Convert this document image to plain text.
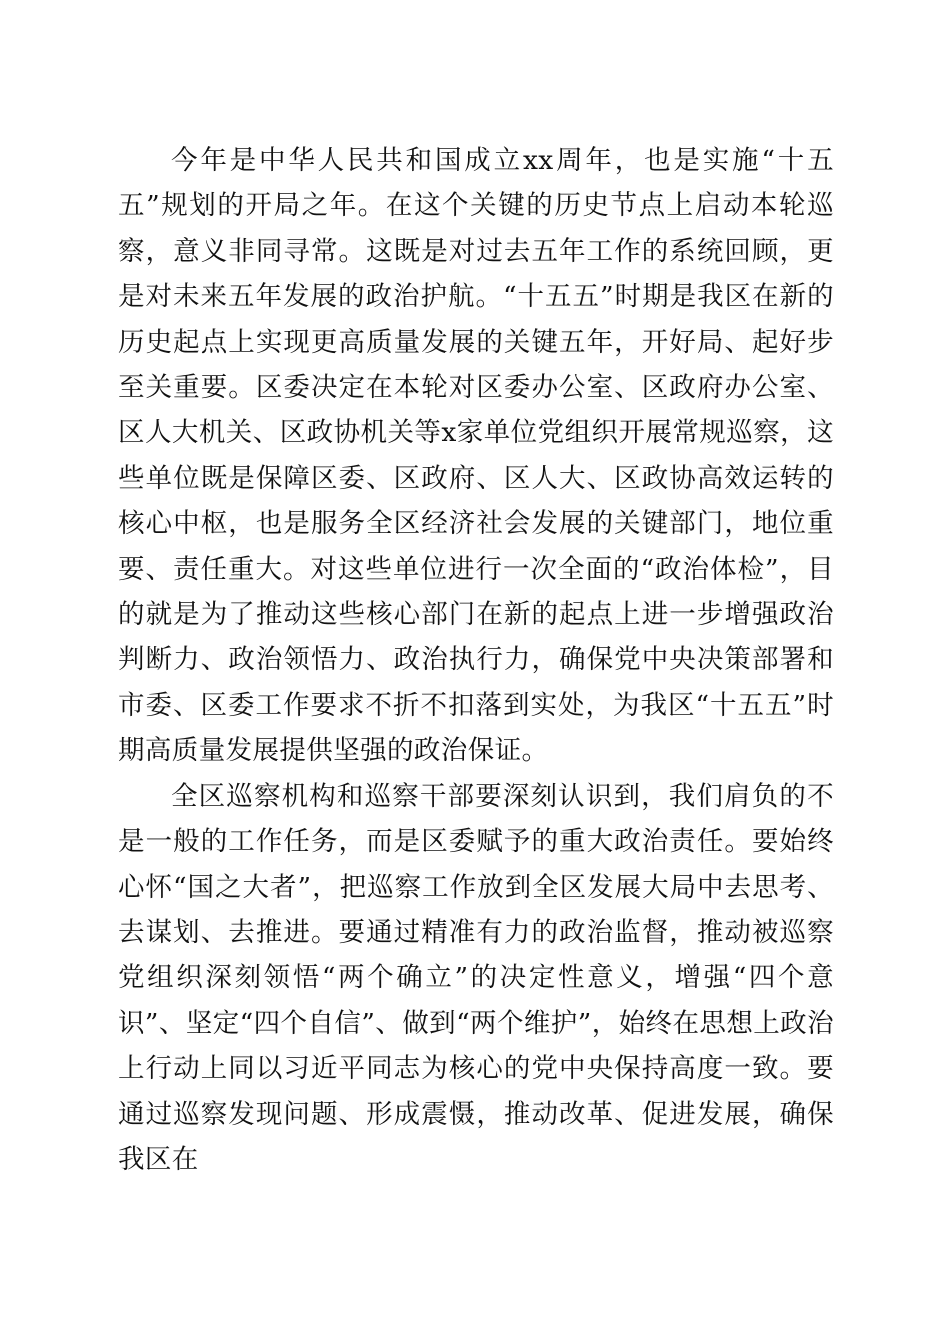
今年是中华人民共和国成立xx周年，也是实施“十五五”规划的开局之年。在这个关键的历史节点上启动本轮巡察，意义非同寻常。这既是对过去五年工作的系统回顾，更是对未来五年发展的政治护航。“十五五”时期是我区在新的历史起点上实现更高质量发展的关键五年，开好局、起好步至关重要。区委决定在本轮对区委办公室、区政府办公室、区人大机关、区政协机关等x家单位党组织开展常规巡察，这些单位既是保障区委、区政府、区人大、区政协高效运转的核心中枢，也是服务全区经济社会发展的关键部门，地位重要、责任重大。对这些单位进行一次全面的“政治体检”，目的就是为了推动这些核心部门在新的起点上进一步增强政治判断力、政治领悟力、政治执行力，确保党中央决策部署和市委、区委工作要求不折不扣落到实处，为我区“十五五”时期高质量发展提供坚强的政治保证。

全区巡察机构和巡察干部要深刻认识到，我们肩负的不是一般的工作任务，而是区委赋予的重大政治责任。要始终心怀“国之大者”，把巡察工作放到全区发展大局中去思考、去谋划、去推进。要通过精准有力的政治监督，推动被巡察党组织深刻领悟“两个确立”的决定性意义，增强“四个意识”、坚定“四个自信”、做到“两个维护”，始终在思想上政治上行动上同以习近平同志为核心的党中央保持高度一致。要通过巡察发现问题、形成震慑，推动改革、促进发展，确保我区在
